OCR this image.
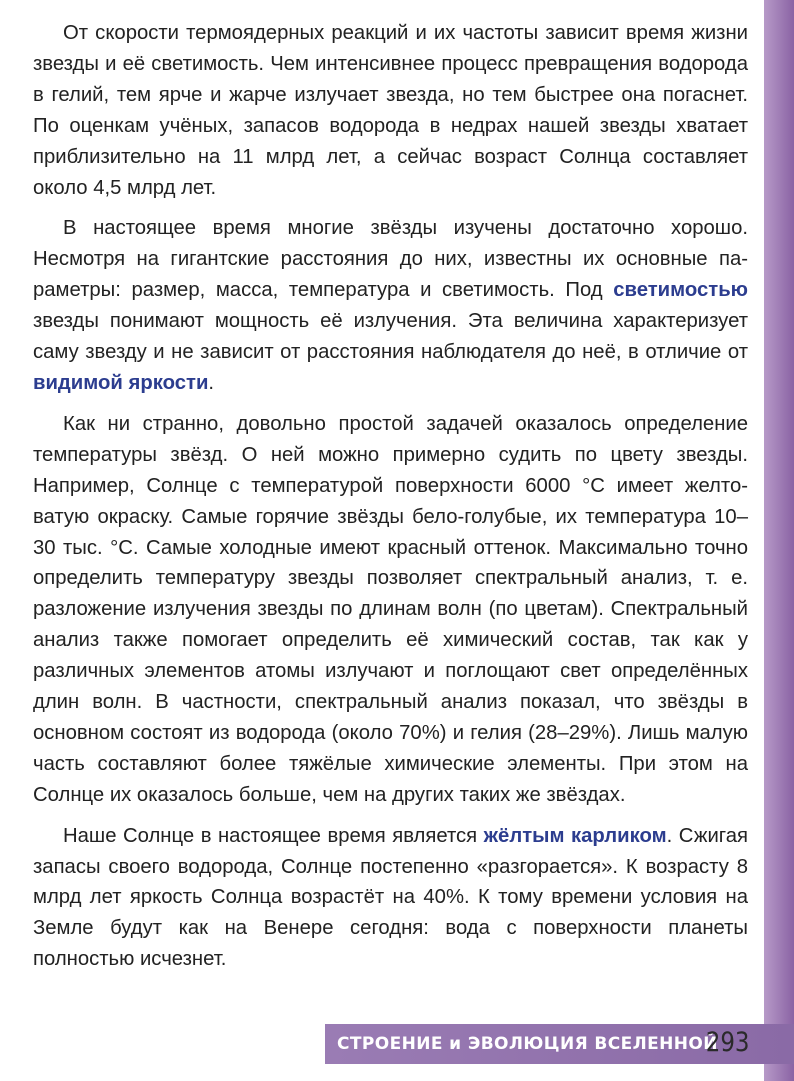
От скорости термоядерных реакций и их частоты зависит время жизни звезды и её светимость. Чем интенсивнее процесс превращения водорода в гелий, тем ярче и жарче излучает звезда, но тем быстрее она погаснет. По оценкам учёных, запасов водорода в недрах нашей звезды хватает приблизительно на 11 млрд лет, а сейчас возраст Солнца составляет около 4,5 млрд лет.

В настоящее время многие звёзды изучены достаточно хорошо. Несмотря на гигантские расстояния до них, известны их основные параметры: размер, масса, температура и светимость. Под светимостью звезды понимают мощность её излучения. Эта величина характеризует саму звезду и не зависит от расстояния наблюдателя до неё, в отличие от видимой яркости.

Как ни странно, довольно простой задачей оказалось определение температуры звёзд. О ней можно примерно судить по цвету звезды. Например, Солнце с температурой поверхности 6000 °С имеет желтоватую окраску. Самые горячие звёзды бело-голубые, их температура 10–30 тыс. °С. Самые холодные имеют красный оттенок. Максимально точно определить температуру звезды позволяет спектральный анализ, т. е. разложение излучения звезды по длинам волн (по цветам). Спектральный анализ также помогает определить её химический состав, так как у различных элементов атомы излучают и поглощают свет определённых длин волн. В частности, спектральный анализ показал, что звёзды в основном состоят из водорода (около 70%) и гелия (28–29%). Лишь малую часть составляют более тяжёлые химические элементы. При этом на Солнце их оказалось больше, чем на других таких же звёздах.

Наше Солнце в настоящее время является жёлтым карликом. Сжигая запасы своего водорода, Солнце постепенно «разгорается». К возрасту 8 млрд лет яркость Солнца возрастёт на 40%. К тому времени условия на Земле будут как на Венере сегодня: вода с поверхности планеты полностью исчезнет.

СТРОЕНИЕ и ЭВОЛЮЦИЯ ВСЕЛЕННОЙ
293
